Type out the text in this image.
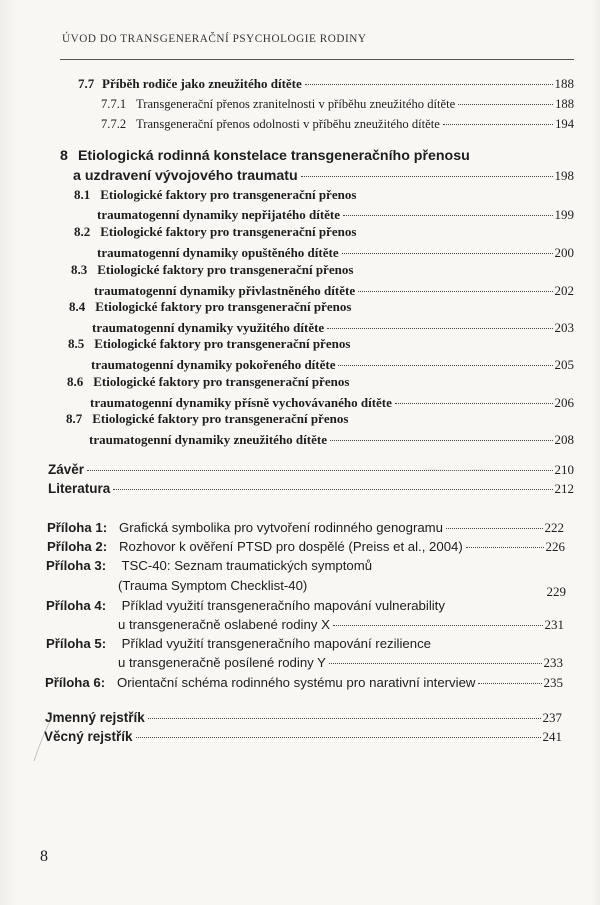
ÚVOD DO TRANSGENERAČNÍ PSYCHOLOGIE RODINY
7.7 Příběh rodiče jako zneužitého dítěte	188
7.7.1 Transgenerační přenos zranitelnosti v příběhu zneužitého dítěte	188
7.7.2 Transgenerační přenos odolnosti v příběhu zneužitého dítěte	194
8 Etiologická rodinná konstelace transgeneračního přenosu
a uzdravení vývojového traumatu	198
8.1 Etiologické faktory pro transgenerační přenos
traumatogenní dynamiky nepřijatého dítěte	199
8.2 Etiologické faktory pro transgenerační přenos
traumatogenní dynamiky opuštěného dítěte	200
8.3 Etiologické faktory pro transgenerační přenos
traumatogenní dynamiky přivlastněného dítěte	202
8.4 Etiologické faktory pro transgenerační přenos
traumatogenní dynamiky využitého dítěte	203
8.5 Etiologické faktory pro transgenerační přenos
traumatogenní dynamiky pokořeného dítěte	205
8.6 Etiologické faktory pro transgenerační přenos
traumatogenní dynamiky přísně vychovávaného dítěte	206
8.7 Etiologické faktory pro transgenerační přenos
traumatogenní dynamiky zneužitého dítěte	208
Závěr	210
Literatura	212
Příloha 1: Grafická symbolika pro vytvoření rodinného genogramu	222
Příloha 2: Rozhovor k ověření PTSD pro dospělé (Preiss et al., 2004)	226
Příloha 3: TSC-40: Seznam traumatických symptomů
(Trauma Symptom Checklist-40)	229
Příloha 4: Příklad využití transgeneračního mapování vulnerability
u transgeneračně oslabené rodiny X	231
Příloha 5: Příklad využití transgeneračního mapování rezilience
u transgeneračně posílené rodiny Y	233
Příloha 6: Orientační schéma rodinného systému pro narativní interview	235
Jmenný rejstřík	237
Věcný rejstřík	241
8
